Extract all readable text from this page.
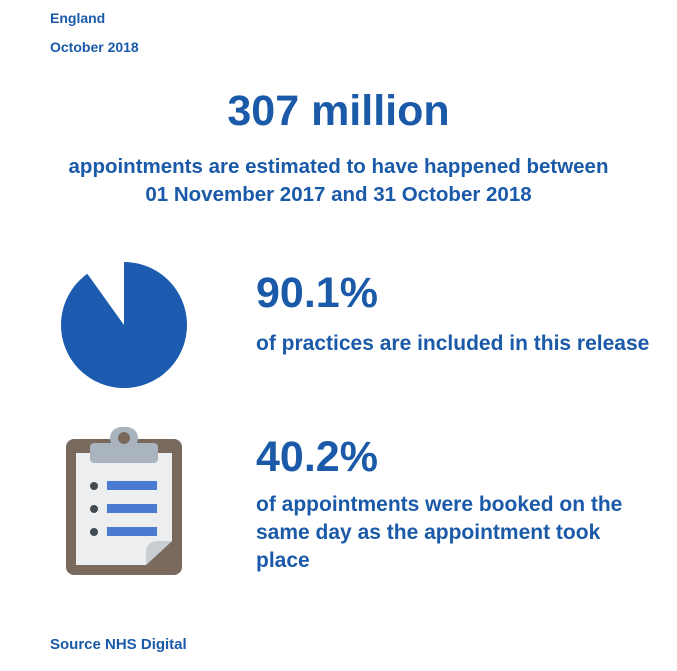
England
October 2018
307 million
appointments are estimated to have happened between
01 November 2017 and 31 October 2018
90.1%
of practices are included in this release
40.2%
of appointments were booked on the same day as the appointment took place
Source NHS Digital
